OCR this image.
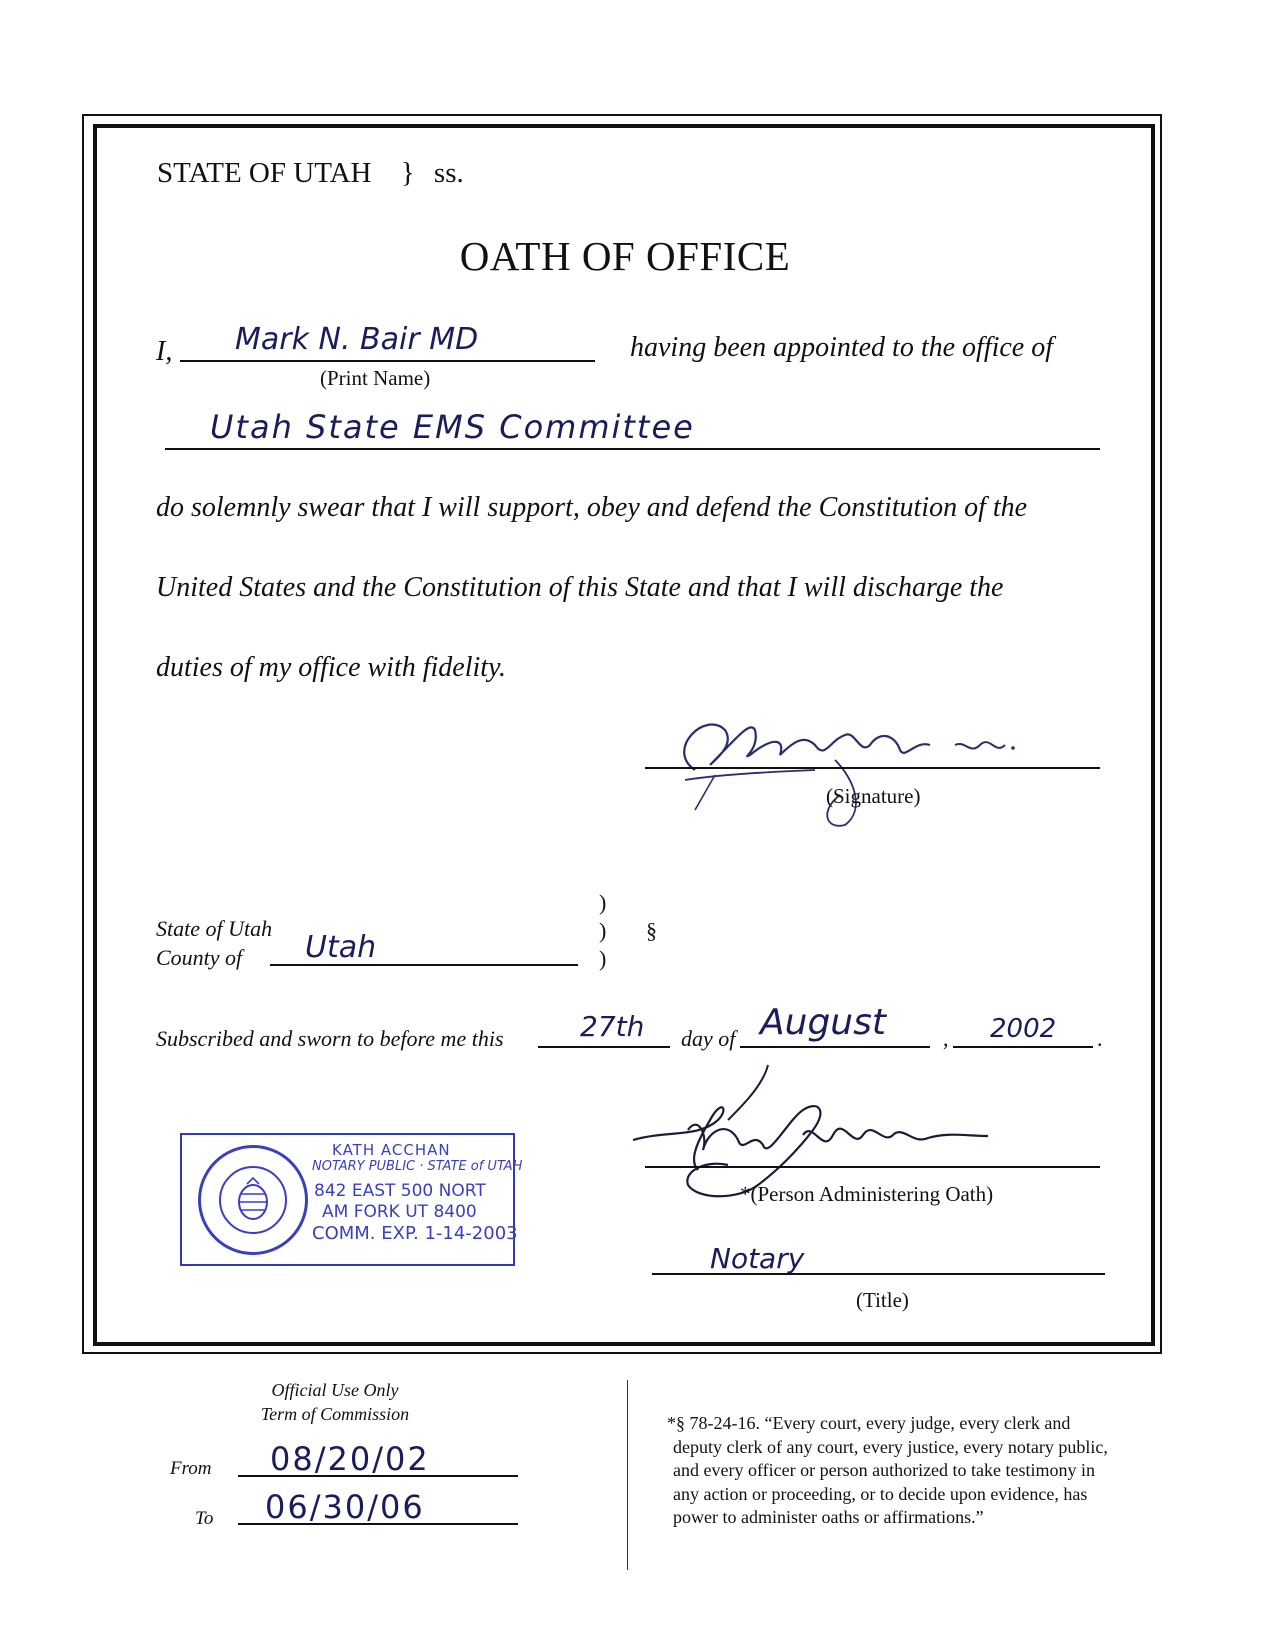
STATE OF UTAH } ss.
OATH OF OFFICE
I, Mark N. Bair MD
(Print Name)
having been appointed to the office of
Utah State EMS Committee
do solemnly swear that I will support, obey and defend the Constitution of the
United States and the Constitution of this State and that I will discharge the
duties of my office with fidelity.
(Signature)
State of Utah
County of Utah
)
)
)
§
Subscribed and sworn to before me this	27th day of August	, 2002 .
*(Person Administering Oath)
Notary
(Title)
KATH ACCHAN
NOTARY PUBLIC · STATE of UTAH
842 EAST 500 NORT
AM FORK UT 8400
COMM. EXP. 1-14-2003
Official Use Only
Term of Commission
From 08/20/02
To 06/30/06
*§ 78-24-16. “Every court, every judge, every clerk and
deputy clerk of any court, every justice, every notary public,
and every officer or person authorized to take testimony in
any action or proceeding, or to decide upon evidence, has
power to administer oaths or affirmations.”
